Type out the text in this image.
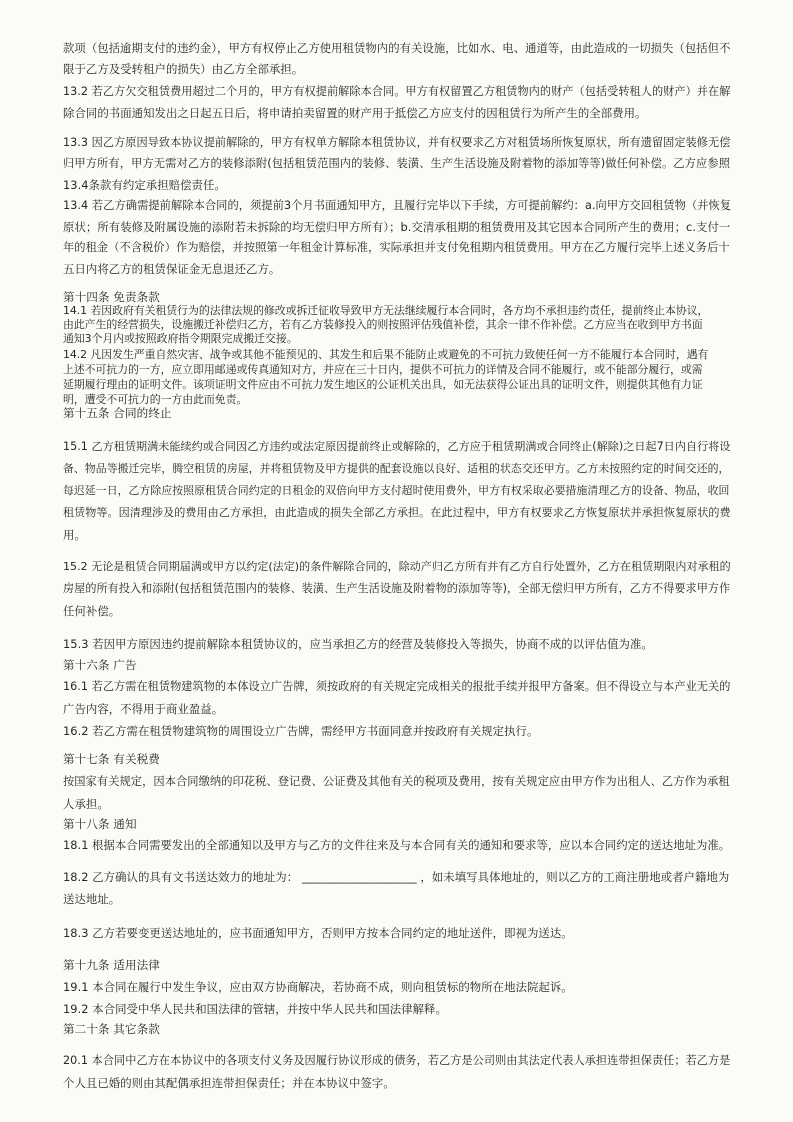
款项（包括逾期支付的违约金），甲方有权停止乙方使用租赁物内的有关设施，比如水、电、通道等，由此造成的一切损失（包括但不
限于乙方及受转租户的损失）由乙方全部承担。
13.2 若乙方欠交租赁费用超过二个月的，甲方有权提前解除本合同。甲方有权留置乙方租赁物内的财产（包括受转租人的财产）并在解
除合同的书面通知发出之日起五日后，将申请拍卖留置的财产用于抵偿乙方应支付的因租赁行为所产生的全部费用。
13.3 因乙方原因导致本协议提前解除的，甲方有权单方解除本租赁协议，并有权要求乙方对租赁场所恢复原状，所有遗留固定装修无偿
归甲方所有，甲方无需对乙方的装修添附(包括租赁范围内的装修、装潢、生产生活设施及附着物的添加等等)做任何补偿。乙方应参照
13.4条款有约定承担赔偿责任。
13.4 若乙方确需提前解除本合同的，须提前3个月书面通知甲方，且履行完毕以下手续，方可提前解约：a.向甲方交回租赁物（并恢复
原状；所有装修及附属设施的添附若未拆除的均无偿归甲方所有）；b.交清承租期的租赁费用及其它因本合同所产生的费用；c.支付一
年的租金（不含税价）作为赔偿，并按照第一年租金计算标准，实际承担并支付免租期内租赁费用。甲方在乙方履行完毕上述义务后十
五日内将乙方的租赁保证金无息退还乙方。
第十四条 免责条款
14.1 若因政府有关租赁行为的法律法规的修改或拆迁征收导致甲方无法继续履行本合同时，各方均不承担违约责任，提前终止本协议，
由此产生的经营损失，设施搬迁补偿归乙方，若有乙方装修投入的则按照评估残值补偿，其余一律不作补偿。乙方应当在收到甲方书面
通知3个月内或按照政府指令期限完成搬迁交接。
14.2 凡因发生严重自然灾害、战争或其他不能预见的、其发生和后果不能防止或避免的不可抗力致使任何一方不能履行本合同时，遇有
上述不可抗力的一方，应立即用邮递或传真通知对方，并应在三十日内，提供不可抗力的详情及合同不能履行，或不能部分履行，或需
延期履行理由的证明文件。该项证明文件应由不可抗力发生地区的公证机关出具，如无法获得公证出具的证明文件，则提供其他有力证
明，遭受不可抗力的一方由此而免责。
第十五条 合同的终止
15.1 乙方租赁期满未能续约或合同因乙方违约或法定原因提前终止或解除的，乙方应于租赁期满或合同终止(解除)之日起7日内自行将设
备、物品等搬迁完毕，腾空租赁的房屋，并将租赁物及甲方提供的配套设施以良好、适租的状态交还甲方。乙方未按照约定的时间交还的，
每迟延一日，乙方除应按照原租赁合同约定的日租金的双倍向甲方支付超时使用费外，甲方有权采取必要措施清理乙方的设备、物品，收回
租赁物等。因清理涉及的费用由乙方承担，由此造成的损失全部乙方承担。在此过程中，甲方有权要求乙方恢复原状并承担恢复原状的费
用。
15.2 无论是租赁合同期届满或甲方以约定(法定)的条件解除合同的，除动产归乙方所有并有乙方自行处置外，乙方在租赁期限内对承租的
房屋的所有投入和添附(包括租赁范围内的装修、装潢、生产生活设施及附着物的添加等等)，全部无偿归甲方所有，乙方不得要求甲方作
任何补偿。
15.3 若因甲方原因违约提前解除本租赁协议的，应当承担乙方的经营及装修投入等损失，协商不成的以评估值为准。
第十六条 广告
16.1 若乙方需在租赁物建筑物的本体设立广告牌，须按政府的有关规定完成相关的报批手续并报甲方备案。但不得设立与本产业无关的
广告内容，不得用于商业盈益。
16.2 若乙方需在租赁物建筑物的周围设立广告牌，需经甲方书面同意并按政府有关规定执行。
第十七条 有关税费
按国家有关规定，因本合同缴纳的印花税、登记费、公证费及其他有关的税项及费用，按有关规定应由甲方作为出租人、乙方作为承租
人承担。
第十八条 通知
18.1 根据本合同需要发出的全部通知以及甲方与乙方的文件往来及与本合同有关的通知和要求等，应以本合同约定的送达地址为准。
18.2 乙方确认的具有文书送达效力的地址为： ____________________ ，如未填写具体地址的，则以乙方的工商注册地或者户籍地为
送达地址。
18.3 乙方若要变更送达地址的，应书面通知甲方，否则甲方按本合同约定的地址送件，即视为送达。
第十九条 适用法律
19.1 本合同在履行中发生争议，应由双方协商解决，若协商不成，则向租赁标的物所在地法院起诉。
19.2 本合同受中华人民共和国法律的管辖，并按中华人民共和国法律解释。
第二十条 其它条款
20.1 本合同中乙方在本协议中的各项支付义务及因履行协议形成的债务，若乙方是公司则由其法定代表人承担连带担保责任；若乙方是
个人且已婚的则由其配偶承担连带担保责任；并在本协议中签字。
